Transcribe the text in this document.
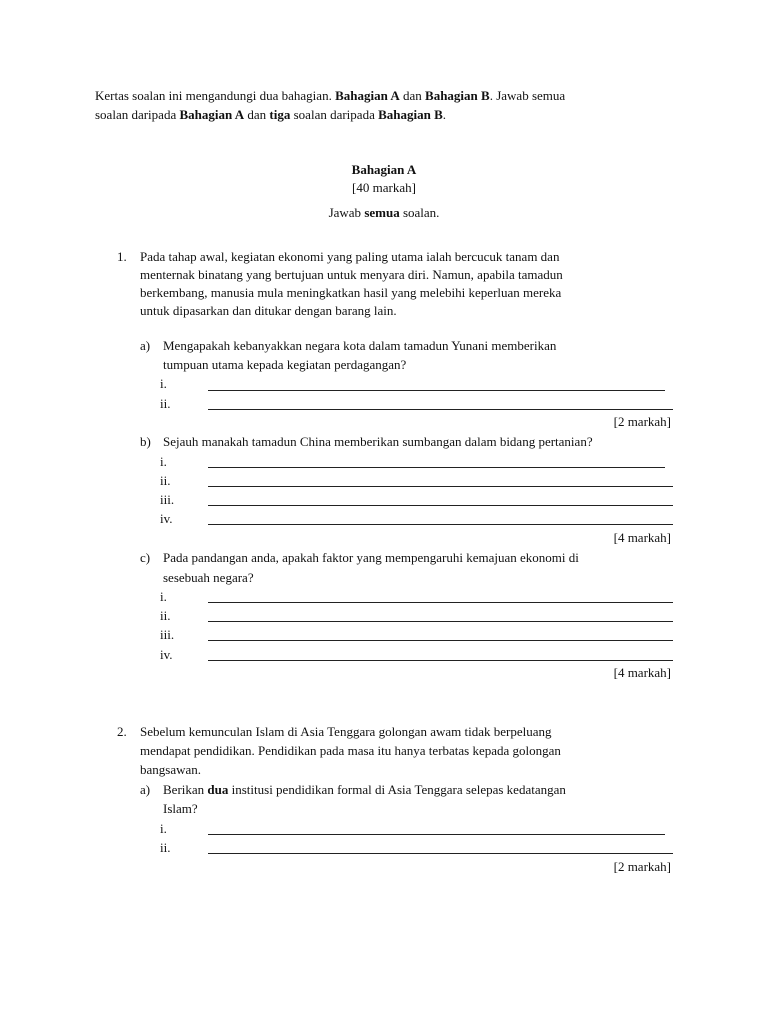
Kertas soalan ini mengandungi dua bahagian. Bahagian A dan Bahagian B. Jawab semua
soalan daripada Bahagian A dan tiga soalan daripada Bahagian B.
Bahagian A
[40 markah]
Jawab semua soalan.
1. Pada tahap awal, kegiatan ekonomi yang paling utama ialah bercucuk tanam dan
menternak binatang yang bertujuan untuk menyara diri. Namun, apabila tamadun
berkembang, manusia mula meningkatkan hasil yang melebihi keperluan mereka
untuk dipasarkan dan ditukar dengan barang lain.
a) Mengapakah kebanyakkan negara kota dalam tamadun Yunani memberikan
tumpuan utama kepada kegiatan perdagangan?
i.
ii.
[2 markah]
b) Sejauh manakah tamadun China memberikan sumbangan dalam bidang pertanian?
i.
ii.
iii.
iv.
[4 markah]
c) Pada pandangan anda, apakah faktor yang mempengaruhi kemajuan ekonomi di
sesebuah negara?
i.
ii.
iii.
iv.
[4 markah]
2. Sebelum kemunculan Islam di Asia Tenggara golongan awam tidak berpeluang
mendapat pendidikan. Pendidikan pada masa itu hanya terbatas kepada golongan
bangsawan.
a) Berikan dua institusi pendidikan formal di Asia Tenggara selepas kedatangan
Islam?
i.
ii.
[2 markah]
